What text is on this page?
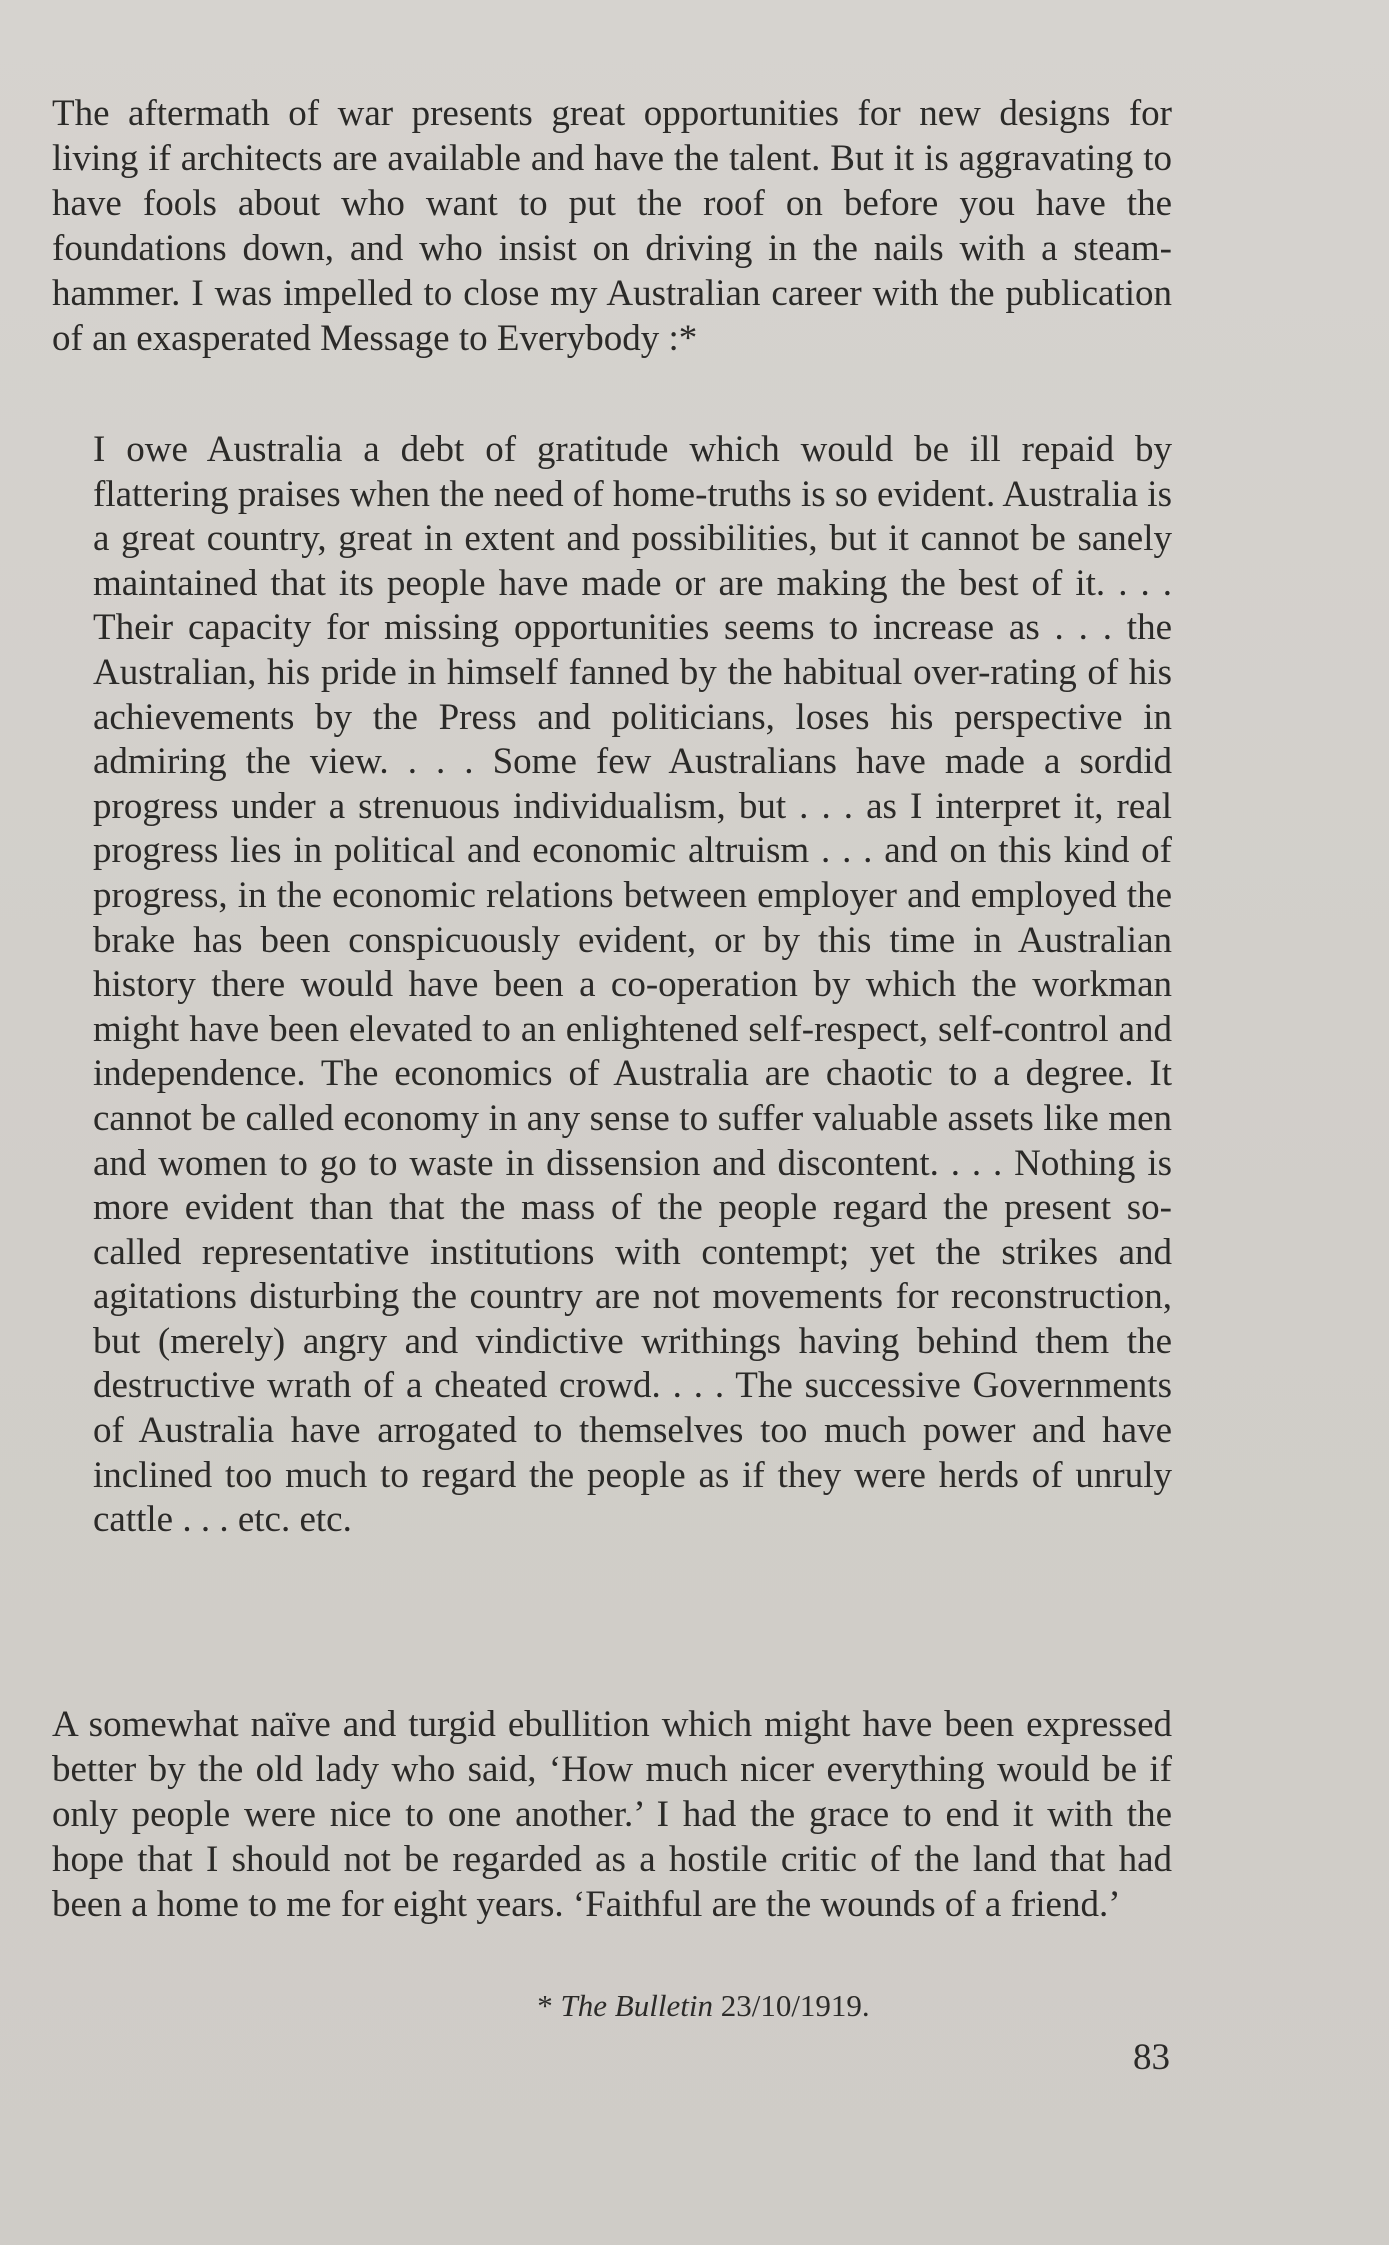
The aftermath of war presents great opportunities for new designs for living if architects are available and have the talent. But it is aggravating to have fools about who want to put the roof on before you have the foundations down, and who insist on driving in the nails with a steam-hammer. I was impelled to close my Australian career with the publication of an exasperated Message to Everybody :*

I owe Australia a debt of gratitude which would be ill repaid by flattering praises when the need of home-truths is so evident. Australia is a great country, great in extent and possibilities, but it cannot be sanely maintained that its people have made or are making the best of it. . . . Their capacity for missing opportunities seems to increase as . . . the Australian, his pride in himself fanned by the habitual over-rating of his achievements by the Press and politicians, loses his perspective in admiring the view. . . . Some few Australians have made a sordid progress under a strenuous individualism, but . . . as I interpret it, real progress lies in political and economic altruism . . . and on this kind of progress, in the economic relations between employer and employed the brake has been conspicuously evident, or by this time in Australian history there would have been a co-operation by which the workman might have been elevated to an enlightened self-respect, self-control and independence. The economics of Australia are chaotic to a degree. It cannot be called economy in any sense to suffer valuable assets like men and women to go to waste in dissension and discontent. . . . Nothing is more evident than that the mass of the people regard the present so-called representative institutions with contempt; yet the strikes and agitations disturbing the country are not movements for reconstruction, but (merely) angry and vindictive writhings having behind them the destructive wrath of a cheated crowd. . . . The successive Governments of Australia have arrogated to themselves too much power and have inclined too much to regard the people as if they were herds of unruly cattle . . . etc. etc.

A somewhat naïve and turgid ebullition which might have been expressed better by the old lady who said, ‘How much nicer everything would be if only people were nice to one another.’ I had the grace to end it with the hope that I should not be regarded as a hostile critic of the land that had been a home to me for eight years. ‘Faithful are the wounds of a friend.’

* The Bulletin 23/10/1919.
83
